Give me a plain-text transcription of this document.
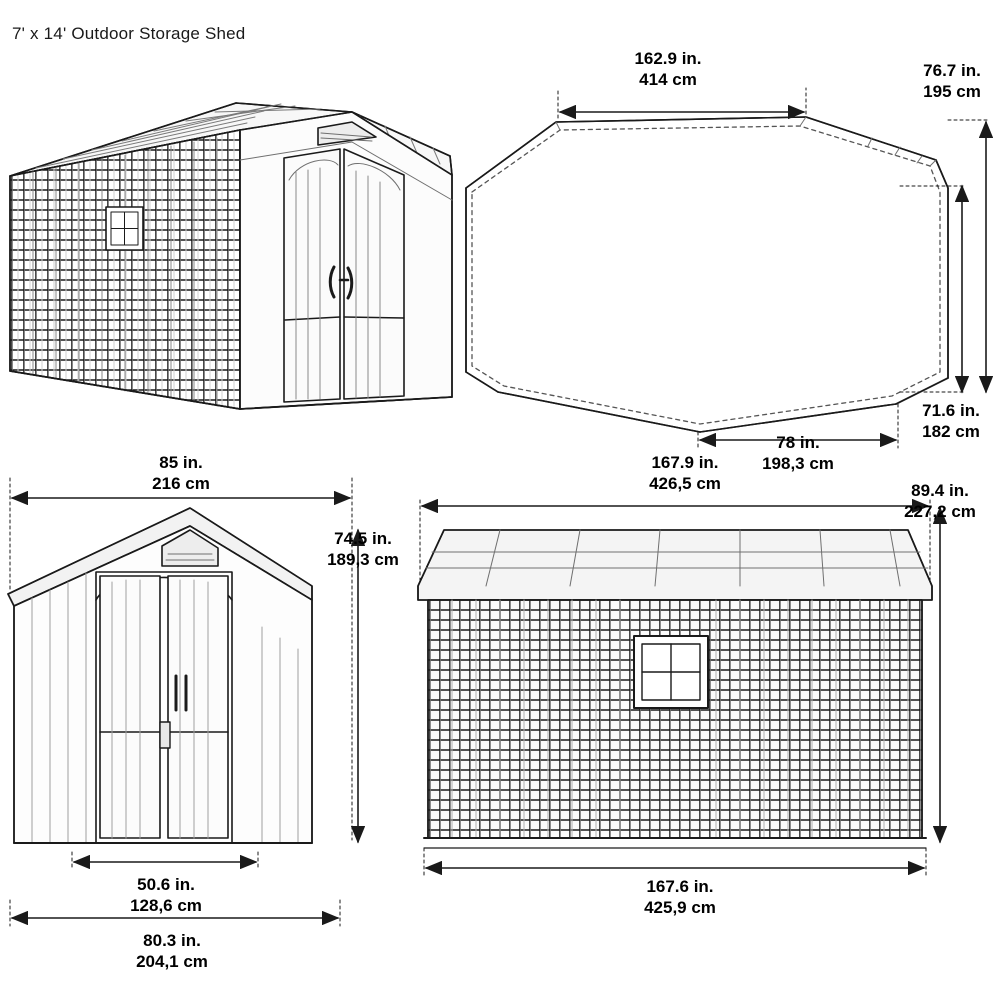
7' x 14' Outdoor Storage Shed
162.9 in.
414 cm	76.7 in.
195 cm
71.6 in.
182 cm
78 in.
198,3 cm
167.9 in.
426,5 cm
85 in.
216 cm
74.5 in.
189,3 cm
50.6 in.
128,6 cm
80.3 in.
204,1 cm
89.4 in.
227,2 cm
167.6 in.
425,9 cm
